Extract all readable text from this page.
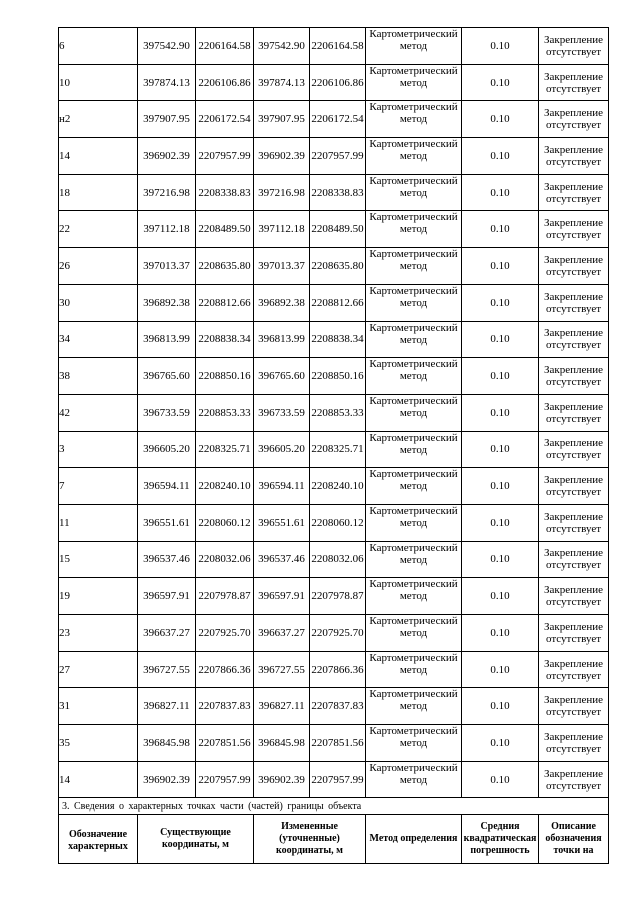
6	397542.90	2206164.58	397542.90	2206164.58	Картометрический метод	0.10	Закрепление отсутствует
10	397874.13	2206106.86	397874.13	2206106.86	Картометрический метод	0.10	Закрепление отсутствует
н2	397907.95	2206172.54	397907.95	2206172.54	Картометрический метод	0.10	Закрепление отсутствует
14	396902.39	2207957.99	396902.39	2207957.99	Картометрический метод	0.10	Закрепление отсутствует
18	397216.98	2208338.83	397216.98	2208338.83	Картометрический метод	0.10	Закрепление отсутствует
22	397112.18	2208489.50	397112.18	2208489.50	Картометрический метод	0.10	Закрепление отсутствует
26	397013.37	2208635.80	397013.37	2208635.80	Картометрический метод	0.10	Закрепление отсутствует
30	396892.38	2208812.66	396892.38	2208812.66	Картометрический метод	0.10	Закрепление отсутствует
34	396813.99	2208838.34	396813.99	2208838.34	Картометрический метод	0.10	Закрепление отсутствует
38	396765.60	2208850.16	396765.60	2208850.16	Картометрический метод	0.10	Закрепление отсутствует
42	396733.59	2208853.33	396733.59	2208853.33	Картометрический метод	0.10	Закрепление отсутствует
3	396605.20	2208325.71	396605.20	2208325.71	Картометрический метод	0.10	Закрепление отсутствует
7	396594.11	2208240.10	396594.11	2208240.10	Картометрический метод	0.10	Закрепление отсутствует
11	396551.61	2208060.12	396551.61	2208060.12	Картометрический метод	0.10	Закрепление отсутствует
15	396537.46	2208032.06	396537.46	2208032.06	Картометрический метод	0.10	Закрепление отсутствует
19	396597.91	2207978.87	396597.91	2207978.87	Картометрический метод	0.10	Закрепление отсутствует
23	396637.27	2207925.70	396637.27	2207925.70	Картометрический метод	0.10	Закрепление отсутствует
27	396727.55	2207866.36	396727.55	2207866.36	Картометрический метод	0.10	Закрепление отсутствует
31	396827.11	2207837.83	396827.11	2207837.83	Картометрический метод	0.10	Закрепление отсутствует
35	396845.98	2207851.56	396845.98	2207851.56	Картометрический метод	0.10	Закрепление отсутствует
14	396902.39	2207957.99	396902.39	2207957.99	Картометрический метод	0.10	Закрепление отсутствует
3. Сведения о характерных точках части (частей) границы объекта							

Обозначение характерных	Существующие координаты, м		Измененные (уточненные) координаты, м		Метод определения	Средния квадратическая погрешность	Описание обозначения точки на
